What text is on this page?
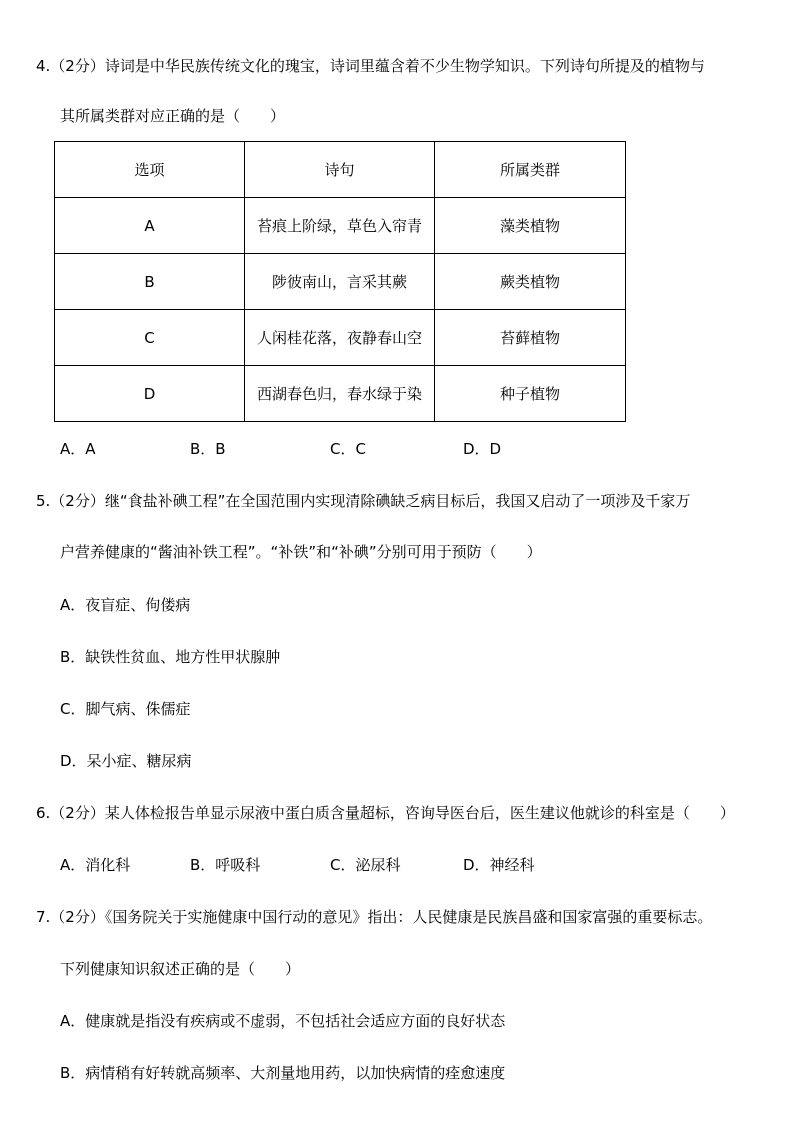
4.（2分）诗词是中华民族传统文化的瑰宝，诗词里蕴含着不少生物学知识。下列诗句所提及的植物与
其所属类群对应正确的是（　　）
选项	诗句	所属类群
A	苔痕上阶绿，草色入帘青	藻类植物
B	陟彼南山，言采其蕨	蕨类植物
C	人闲桂花落，夜静春山空	苔藓植物
D	西湖春色归，春水绿于染	种子植物
A．A	B．B	C．C	D．D
5.（2分）继“食盐补碘工程”在全国范围内实现清除碘缺乏病目标后，我国又启动了一项涉及千家万
户营养健康的“酱油补铁工程”。“补铁”和“补碘”分别可用于预防（　　）
A．夜盲症、佝偻病
B．缺铁性贫血、地方性甲状腺肿
C．脚气病、侏儒症
D．呆小症、糖尿病
6.（2分）某人体检报告单显示尿液中蛋白质含量超标，咨询导医台后，医生建议他就诊的科室是（　　）
A．消化科	B．呼吸科	C．泌尿科	D．神经科
7.（2分）《国务院关于实施健康中国行动的意见》指出：人民健康是民族昌盛和国家富强的重要标志。
下列健康知识叙述正确的是（　　）
A．健康就是指没有疾病或不虚弱，不包括社会适应方面的良好状态
B．病情稍有好转就高频率、大剂量地用药，以加快病情的痊愈速度
